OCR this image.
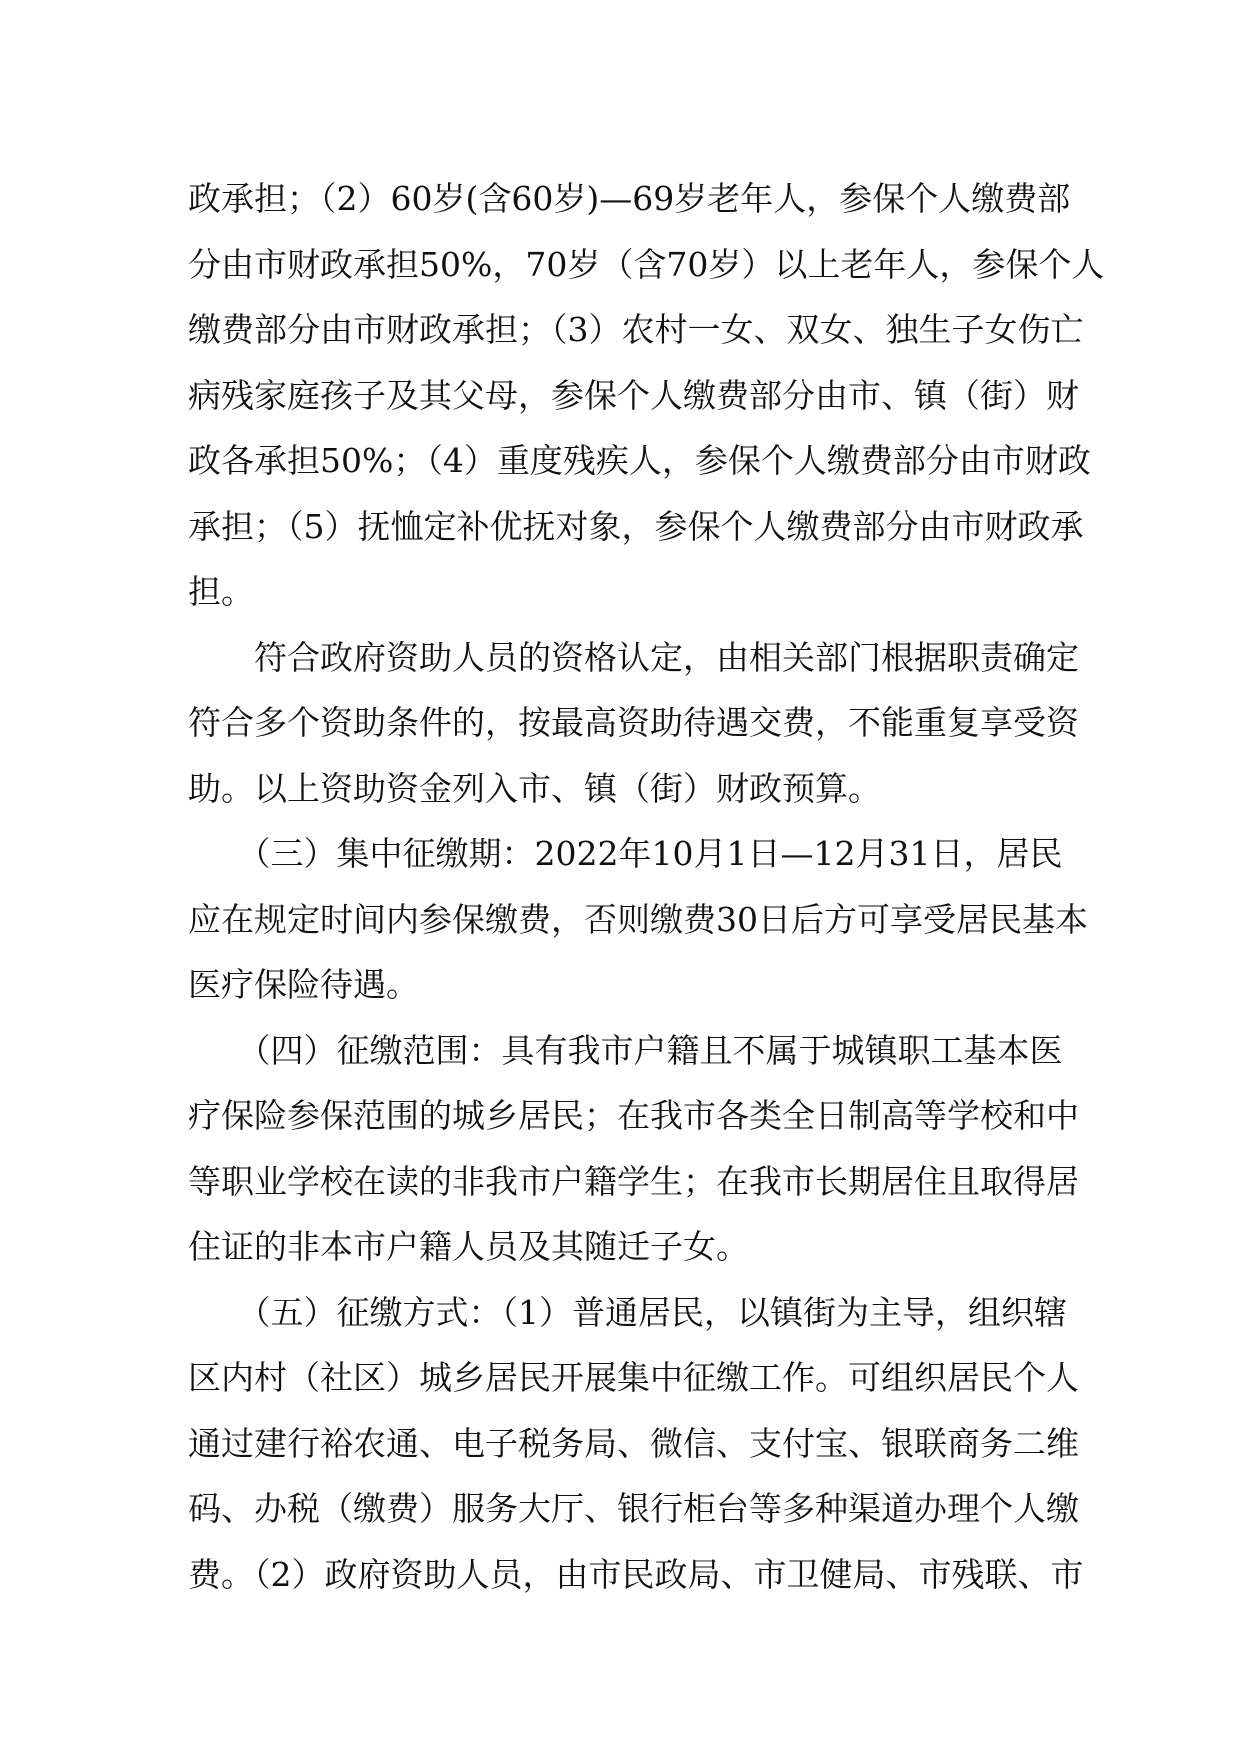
政承担；（2）60岁(含60岁)—69岁老年人，参保个人缴费部
分由市财政承担50%，70岁（含70岁）以上老年人，参保个人
缴费部分由市财政承担；（3）农村一女、双女、独生子女伤亡
病残家庭孩子及其父母，参保个人缴费部分由市、镇（街）财
政各承担50%；（4）重度残疾人，参保个人缴费部分由市财政
承担；（5）抚恤定补优抚对象，参保个人缴费部分由市财政承
担。
　　符合政府资助人员的资格认定，由相关部门根据职责确定
符合多个资助条件的，按最高资助待遇交费，不能重复享受资
助。以上资助资金列入市、镇（街）财政预算。
　　（三）集中征缴期：2022年10月1日—12月31日，居民
应在规定时间内参保缴费，否则缴费30日后方可享受居民基本
医疗保险待遇。
　　（四）征缴范围：具有我市户籍且不属于城镇职工基本医
疗保险参保范围的城乡居民；在我市各类全日制高等学校和中
等职业学校在读的非我市户籍学生；在我市长期居住且取得居
住证的非本市户籍人员及其随迁子女。
　　（五）征缴方式：（1）普通居民，以镇街为主导，组织辖
区内村（社区）城乡居民开展集中征缴工作。可组织居民个人
通过建行裕农通、电子税务局、微信、支付宝、银联商务二维
码、办税（缴费）服务大厅、银行柜台等多种渠道办理个人缴
费。（2）政府资助人员，由市民政局、市卫健局、市残联、市
